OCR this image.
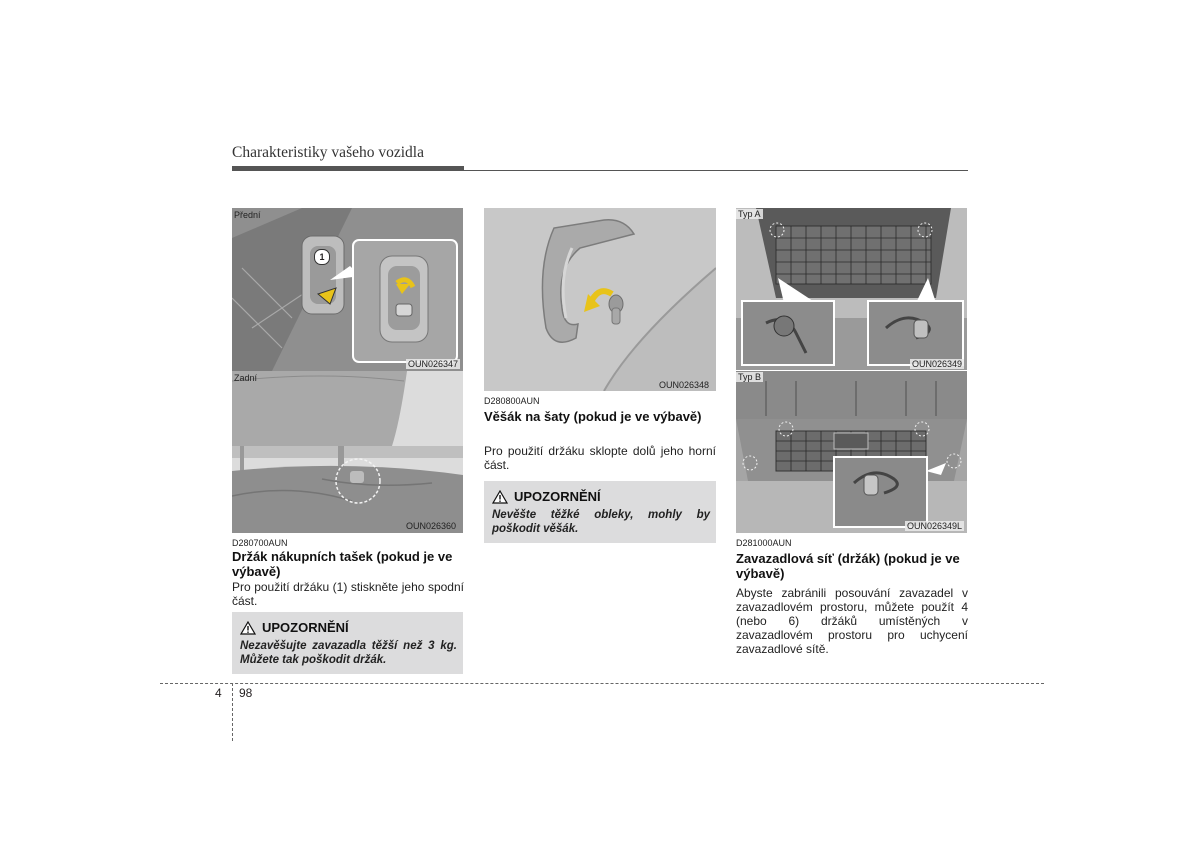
Charakteristiky vašeho vozidla
Přední
1
OUN026347
Zadní
OUN026360
D280700AUN
Držák nákupních tašek (pokud je ve výbavě)
Pro použití držáku (1) stiskněte jeho spodní část.
UPOZORNĚNÍ
Nezavěšujte zavazadla těžší než 3 kg. Můžete tak poškodit držák.
OUN026348
D280800AUN
Věšák na šaty (pokud je ve výbavě)
Pro použití držáku sklopte dolů jeho horní část.
UPOZORNĚNÍ
Nevěšte těžké obleky, mohly by poškodit věšák.
Typ A
OUN026349
Typ B
OUN026349L
D281000AUN
Zavazadlová síť (držák) (pokud je ve výbavě)
Abyste zabránili posouvání zavazadel v zavazadlovém prostoru, můžete použít 4 (nebo 6) držáků umístěných v zavazadlovém prostoru pro uchycení zavazadlové sítě.
4 98
